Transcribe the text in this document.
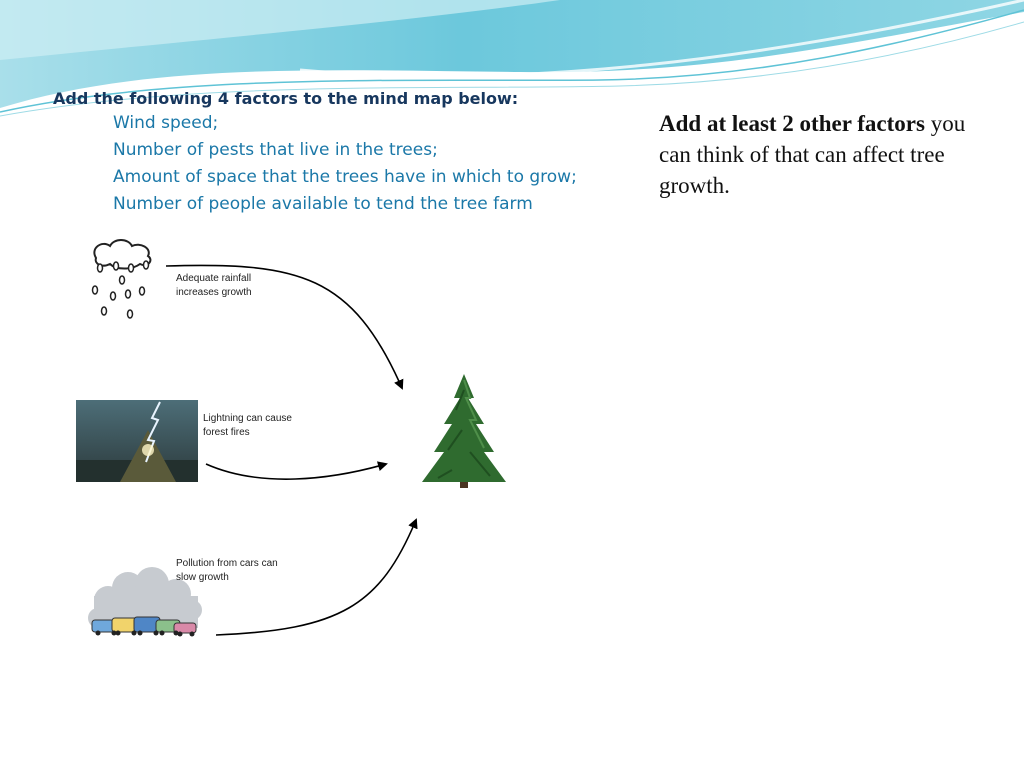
Add the following 4 factors to the mind map below:

Wind speed;

Number of pests that live in the trees;

Amount of space that the trees have in which to grow;

Number of people available to tend the tree farm

Add at least 2 other factors you can think of that can affect tree growth.
Adequate rainfall increases growth
Lightning can cause forest fires
Pollution from cars can slow growth
